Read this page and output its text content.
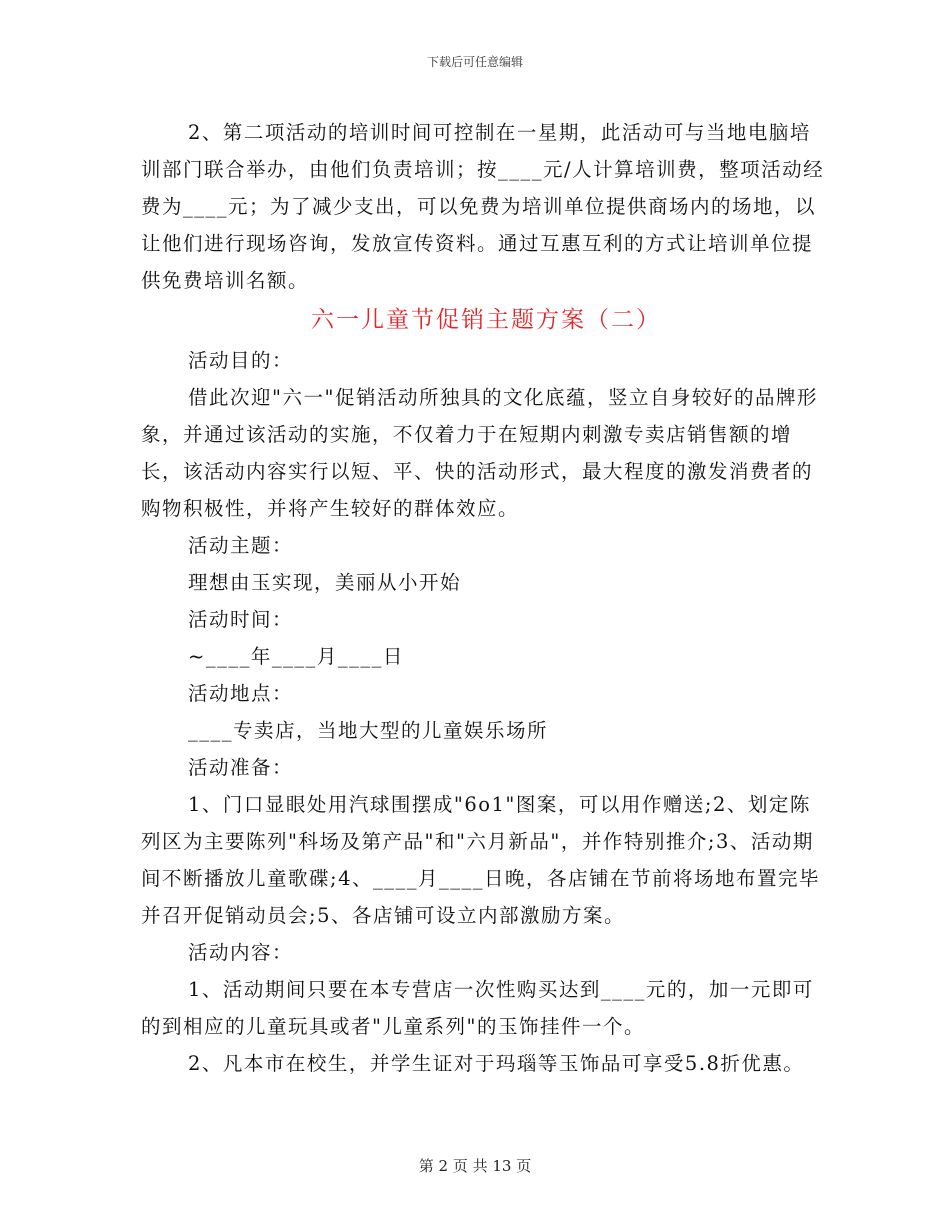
下载后可任意编辑

2、第二项活动的培训时间可控制在一星期，此活动可与当地电脑培训部门联合举办，由他们负责培训；按____元/人计算培训费，整项活动经费为____元；为了减少支出，可以免费为培训单位提供商场内的场地，以让他们进行现场咨询，发放宣传资料。通过互惠互利的方式让培训单位提供免费培训名额。

六一儿童节促销主题方案（二）

活动目的：

借此次迎"六一"促销活动所独具的文化底蕴，竖立自身较好的品牌形象，并通过该活动的实施，不仅着力于在短期内刺激专卖店销售额的增长，该活动内容实行以短、平、快的活动形式，最大程度的激发消费者的购物积极性，并将产生较好的群体效应。

活动主题：

理想由玉实现，美丽从小开始

活动时间：

~____年____月____日

活动地点：

____专卖店，当地大型的儿童娱乐场所

活动准备：

1、门口显眼处用汽球围摆成"6o1"图案，可以用作赠送;2、划定陈列区为主要陈列"科场及第产品"和"六月新品"，并作特别推介;3、活动期间不断播放儿童歌碟;4、____月____日晚，各店铺在节前将场地布置完毕并召开促销动员会;5、各店铺可设立内部激励方案。

活动内容：

1、活动期间只要在本专营店一次性购买达到____元的，加一元即可的到相应的儿童玩具或者"儿童系列"的玉饰挂件一个。

2、凡本市在校生，并学生证对于玛瑙等玉饰品可享受5.8折优惠。

第 2 页 共 13 页
